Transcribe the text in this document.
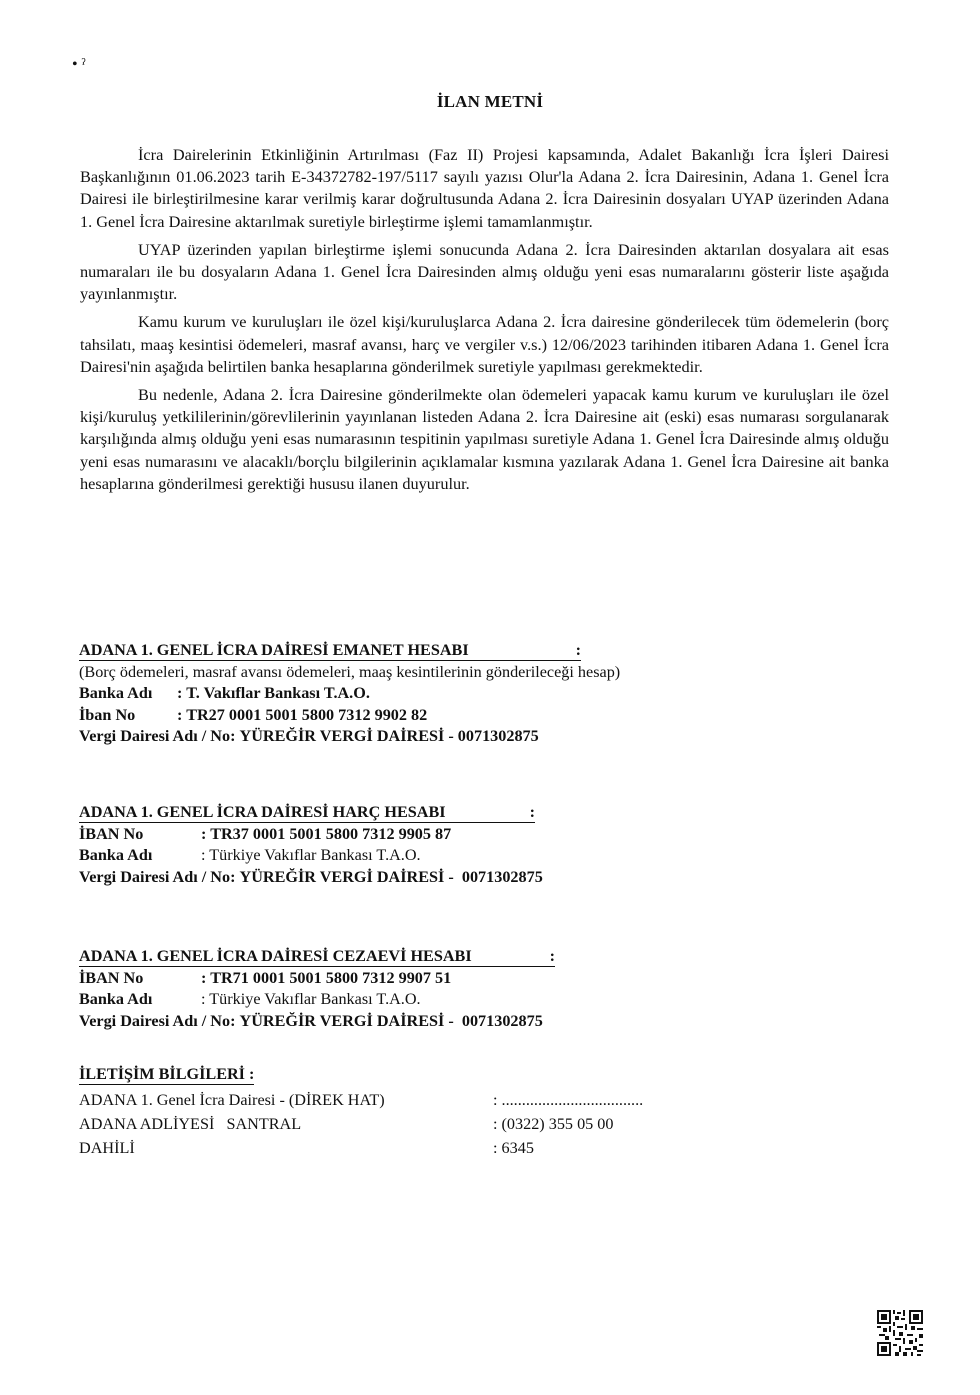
• ˀ
İLAN METNİ

İcra Dairelerinin Etkinliğinin Artırılması (Faz II) Projesi kapsamında, Adalet Bakanlığı İcra İşleri Dairesi Başkanlığının 01.06.2023 tarih E-34372782-197/5117 sayılı yazısı Olur'la Adana 2. İcra Dairesinin, Adana 1. Genel İcra Dairesi ile birleştirilmesine karar verilmiş karar doğrultusunda Adana 2. İcra Dairesinin dosyaları UYAP üzerinden Adana 1. Genel İcra Dairesine aktarılmak suretiyle birleştirme işlemi tamamlanmıştır.

UYAP üzerinden yapılan birleştirme işlemi sonucunda Adana 2. İcra Dairesinden aktarılan dosyalara ait esas numaraları ile bu dosyaların Adana 1. Genel İcra Dairesinden almış olduğu yeni esas numaralarını gösterir liste aşağıda yayınlanmıştır.

Kamu kurum ve kuruluşları ile özel kişi/kuruluşlarca Adana 2. İcra dairesine gönderilecek tüm ödemelerin (borç tahsilatı, maaş kesintisi ödemeleri, masraf avansı, harç ve vergiler v.s.) 12/06/2023 tarihinden itibaren Adana 1. Genel İcra Dairesi'nin aşağıda belirtilen banka hesaplarına gönderilmek suretiyle yapılması gerekmektedir.

Bu nedenle, Adana 2. İcra Dairesine gönderilmekte olan ödemeleri yapacak kamu kurum ve kuruluşları ile özel kişi/kuruluş yetkililerinin/görevlilerinin yayınlanan listeden Adana 2. İcra Dairesine ait (eski) esas numarası sorgulanarak karşılığında almış olduğu yeni esas numarasının tespitinin yapılması suretiyle Adana 1. Genel İcra Dairesinde almış olduğu yeni esas numarasını ve alacaklı/borçlu bilgilerinin açıklamalar kısmına yazılarak Adana 1. Genel İcra Dairesine ait banka hesaplarına gönderilmesi gerektiği hususu ilanen duyurulur.

ADANA 1. GENEL İCRA DAİRESİ EMANET HESABI	:
(Borç ödemeleri, masraf avansı ödemeleri, maaş kesintilerinin gönderileceği hesap)
Banka Adı : T. Vakıflar Bankası T.A.O.
İban No	: TR27 0001 5001 5800 7312 9902 82
Vergi Dairesi Adı / No: YÜREĞİR VERGİ DAİRESİ - 0071302875
ADANA 1. GENEL İCRA DAİRESİ HARÇ HESABI	:
İBAN No	: TR37 0001 5001 5800 7312 9905 87
Banka Adı	: Türkiye Vakıflar Bankası T.A.O.
Vergi Dairesi Adı / No: YÜREĞİR VERGİ DAİRESİ -  0071302875
ADANA 1. GENEL İCRA DAİRESİ CEZAEVİ HESABI	:
İBAN No	: TR71 0001 5001 5800 7312 9907 51
Banka Adı	: Türkiye Vakıflar Bankası T.A.O.
Vergi Dairesi Adı / No: YÜREĞİR VERGİ DAİRESİ -  0071302875
İLETİŞİM BİLGİLERİ :
ADANA 1. Genel İcra Dairesi - (DİREK HAT)	: ...................................
ADANA ADLİYESİ   SANTRAL	: (0322) 355 05 00
DAHİLİ	: 6345
